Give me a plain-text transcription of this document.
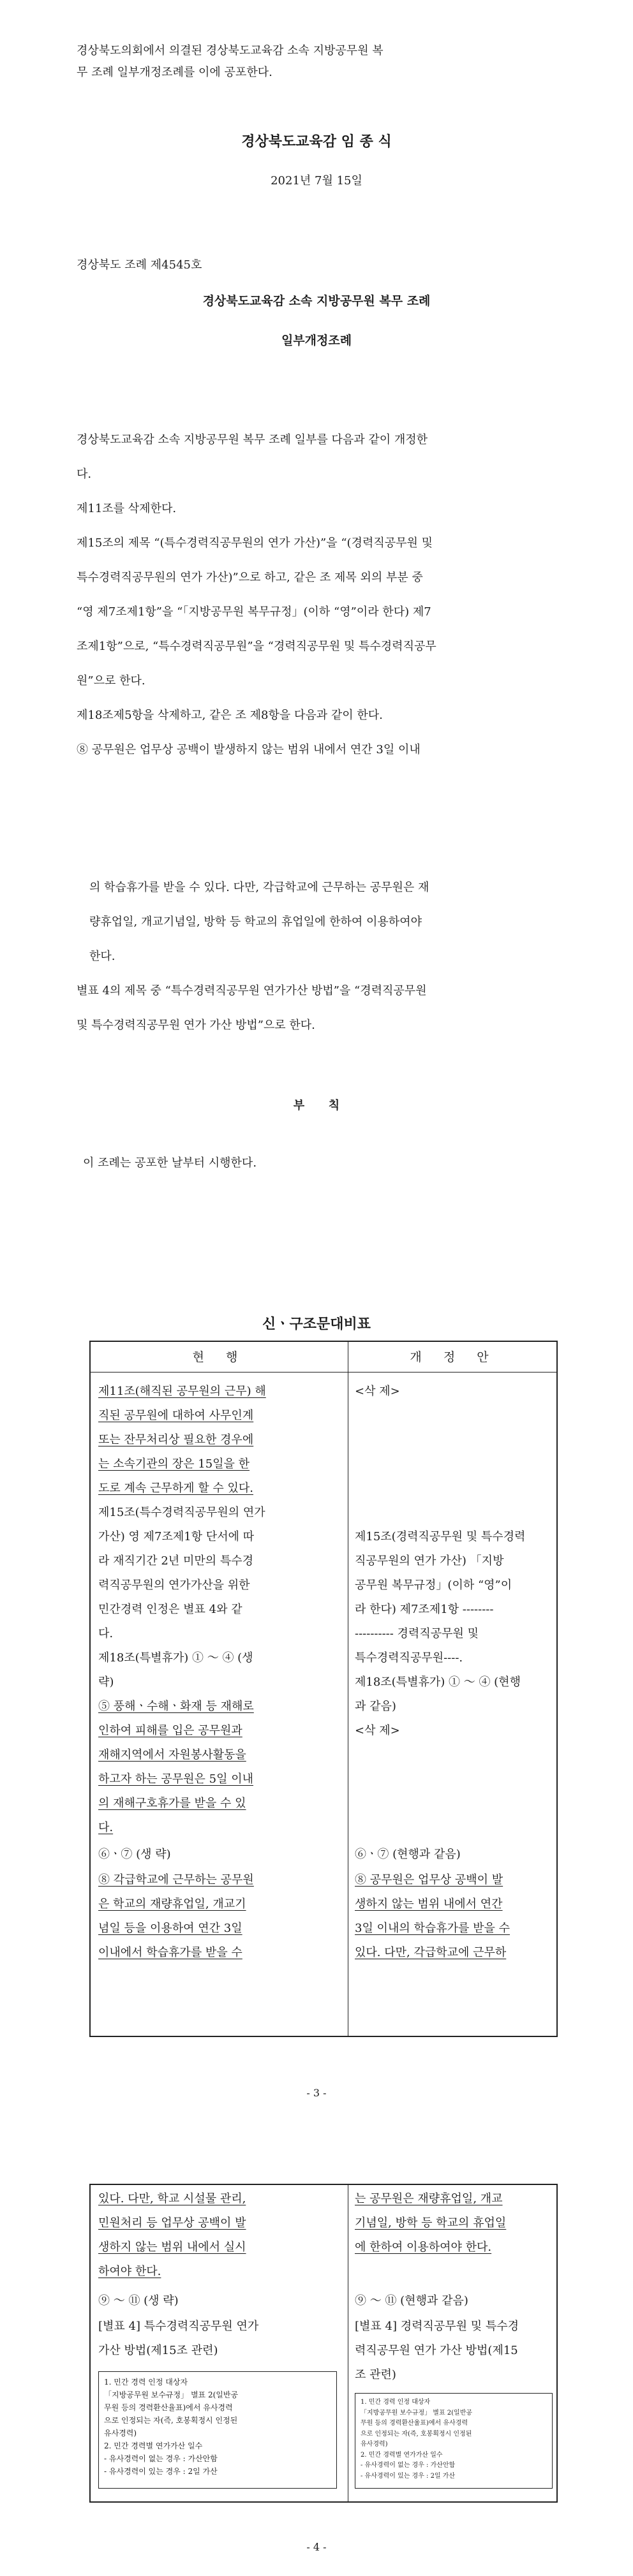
경상북도의회에서 의결된 경상북도교육감 소속 지방공무원 복
무 조례 일부개정조례를 이에 공포한다.
경상북도교육감 임 종 식
2021년 7월 15일
경상북도 조례 제4545호
경상북도교육감 소속 지방공무원 복무 조례
일부개정조례
경상북도교육감 소속 지방공무원 복무 조례 일부를 다음과 같이 개정한
다.
제11조를 삭제한다.
제15조의 제목 “(특수경력직공무원의 연가 가산)”을 “(경력직공무원 및
특수경력직공무원의 연가 가산)”으로 하고, 같은 조 제목 외의 부분 중
“영 제7조제1항”을 “「지방공무원 복무규정」(이하 “영”이라 한다) 제7
조제1항”으로, “특수경력직공무원”을 “경력직공무원 및 특수경력직공무
원”으로 한다.
제18조제5항을 삭제하고, 같은 조 제8항을 다음과 같이 한다.
⑧ 공무원은 업무상 공백이 발생하지 않는 범위 내에서 연간 3일 이내
의 학습휴가를 받을 수 있다. 다만, 각급학교에 근무하는 공무원은 재
량휴업일, 개교기념일, 방학 등 학교의 휴업일에 한하여 이용하여야
한다.
별표 4의 제목 중 “특수경력직공무원 연가가산 방법”을 “경력직공무원
및 특수경력직공무원 연가 가산 방법”으로 한다.
부      칙
이 조례는 공포한 날부터 시행한다.
신ㆍ구조문대비표
현 행	개 정 안
제11조(해직된 공무원의 근무) 해
직된 공무원에 대하여 사무인계
또는 잔무처리상 필요한 경우에
는 소속기관의 장은 15일을 한
도로 계속 근무하게 할 수 있다.
제15조(특수경력직공무원의 연가
가산) 영 제7조제1항 단서에 따
라 재직기간 2년 미만의 특수경
력직공무원의 연가가산을 위한
민간경력 인정은 별표 4와 같
다.
제18조(특별휴가) ① ～ ④ (생
략)
⑤ 풍해ㆍ수해ㆍ화재 등 재해로
인하여 피해를 입은 공무원과
재해지역에서 자원봉사활동을
하고자 하는 공무원은 5일 이내
의 재해구호휴가를 받을 수 있
다.
⑥ㆍ⑦ (생 략)
⑧ 각급학교에 근무하는 공무원
은 학교의 재량휴업일, 개교기
념일 등을 이용하여 연간 3일
이내에서 학습휴가를 받을 수
<삭 제>
제15조(경력직공무원 및 특수경력
직공무원의 연가 가산) 「지방
공무원 복무규정」(이하 “영”이
라 한다) 제7조제1항 --------
---------- 경력직공무원 및
특수경력직공무원----.
제18조(특별휴가) ① ～ ④ (현행
과 같음)
<삭 제>
⑥ㆍ⑦ (현행과 같음)
⑧ 공무원은 업무상 공백이 발
생하지 않는 범위 내에서 연간
3일 이내의 학습휴가를 받을 수
있다. 다만, 각급학교에 근무하
- 3 -
있다. 다만, 학교 시설물 관리,
민원처리 등 업무상 공백이 발
생하지 않는 범위 내에서 실시
하여야 한다.
⑨ ～ ⑪ (생 략)
[별표 4] 특수경력직공무원 연가
가산 방법(제15조 관련)
1. 민간 경력 인정 대상자
「지방공무원 보수규정」 별표 2(일반공
무원 등의 경력환산율표)에서 유사경력
으로 인정되는 자(즉, 호봉획정시 인정된
유사경력)
2. 민간 경력별 연가가산 일수
- 유사경력이 없는 경우 : 가산안함
- 유사경력이 있는 경우 : 2일 가산
는 공무원은 재량휴업일, 개교
기념일, 방학 등 학교의 휴업일
에 한하여 이용하여야 한다.
⑨ ～ ⑪ (현행과 같음)
[별표 4] 경력직공무원 및 특수경
력직공무원 연가 가산 방법(제15
조 관련)
1. 민간 경력 인정 대상자
「지방공무원 보수규정」 별표 2(일반공
무원 등의 경력환산율표)에서 유사경력
으로 인정되는 자(즉, 호봉획정시 인정된
유사경력)
2. 민간 경력별 연가가산 일수
- 유사경력이 없는 경우 : 가산안함
- 유사경력이 있는 경우 : 2일 가산
- 4 -
